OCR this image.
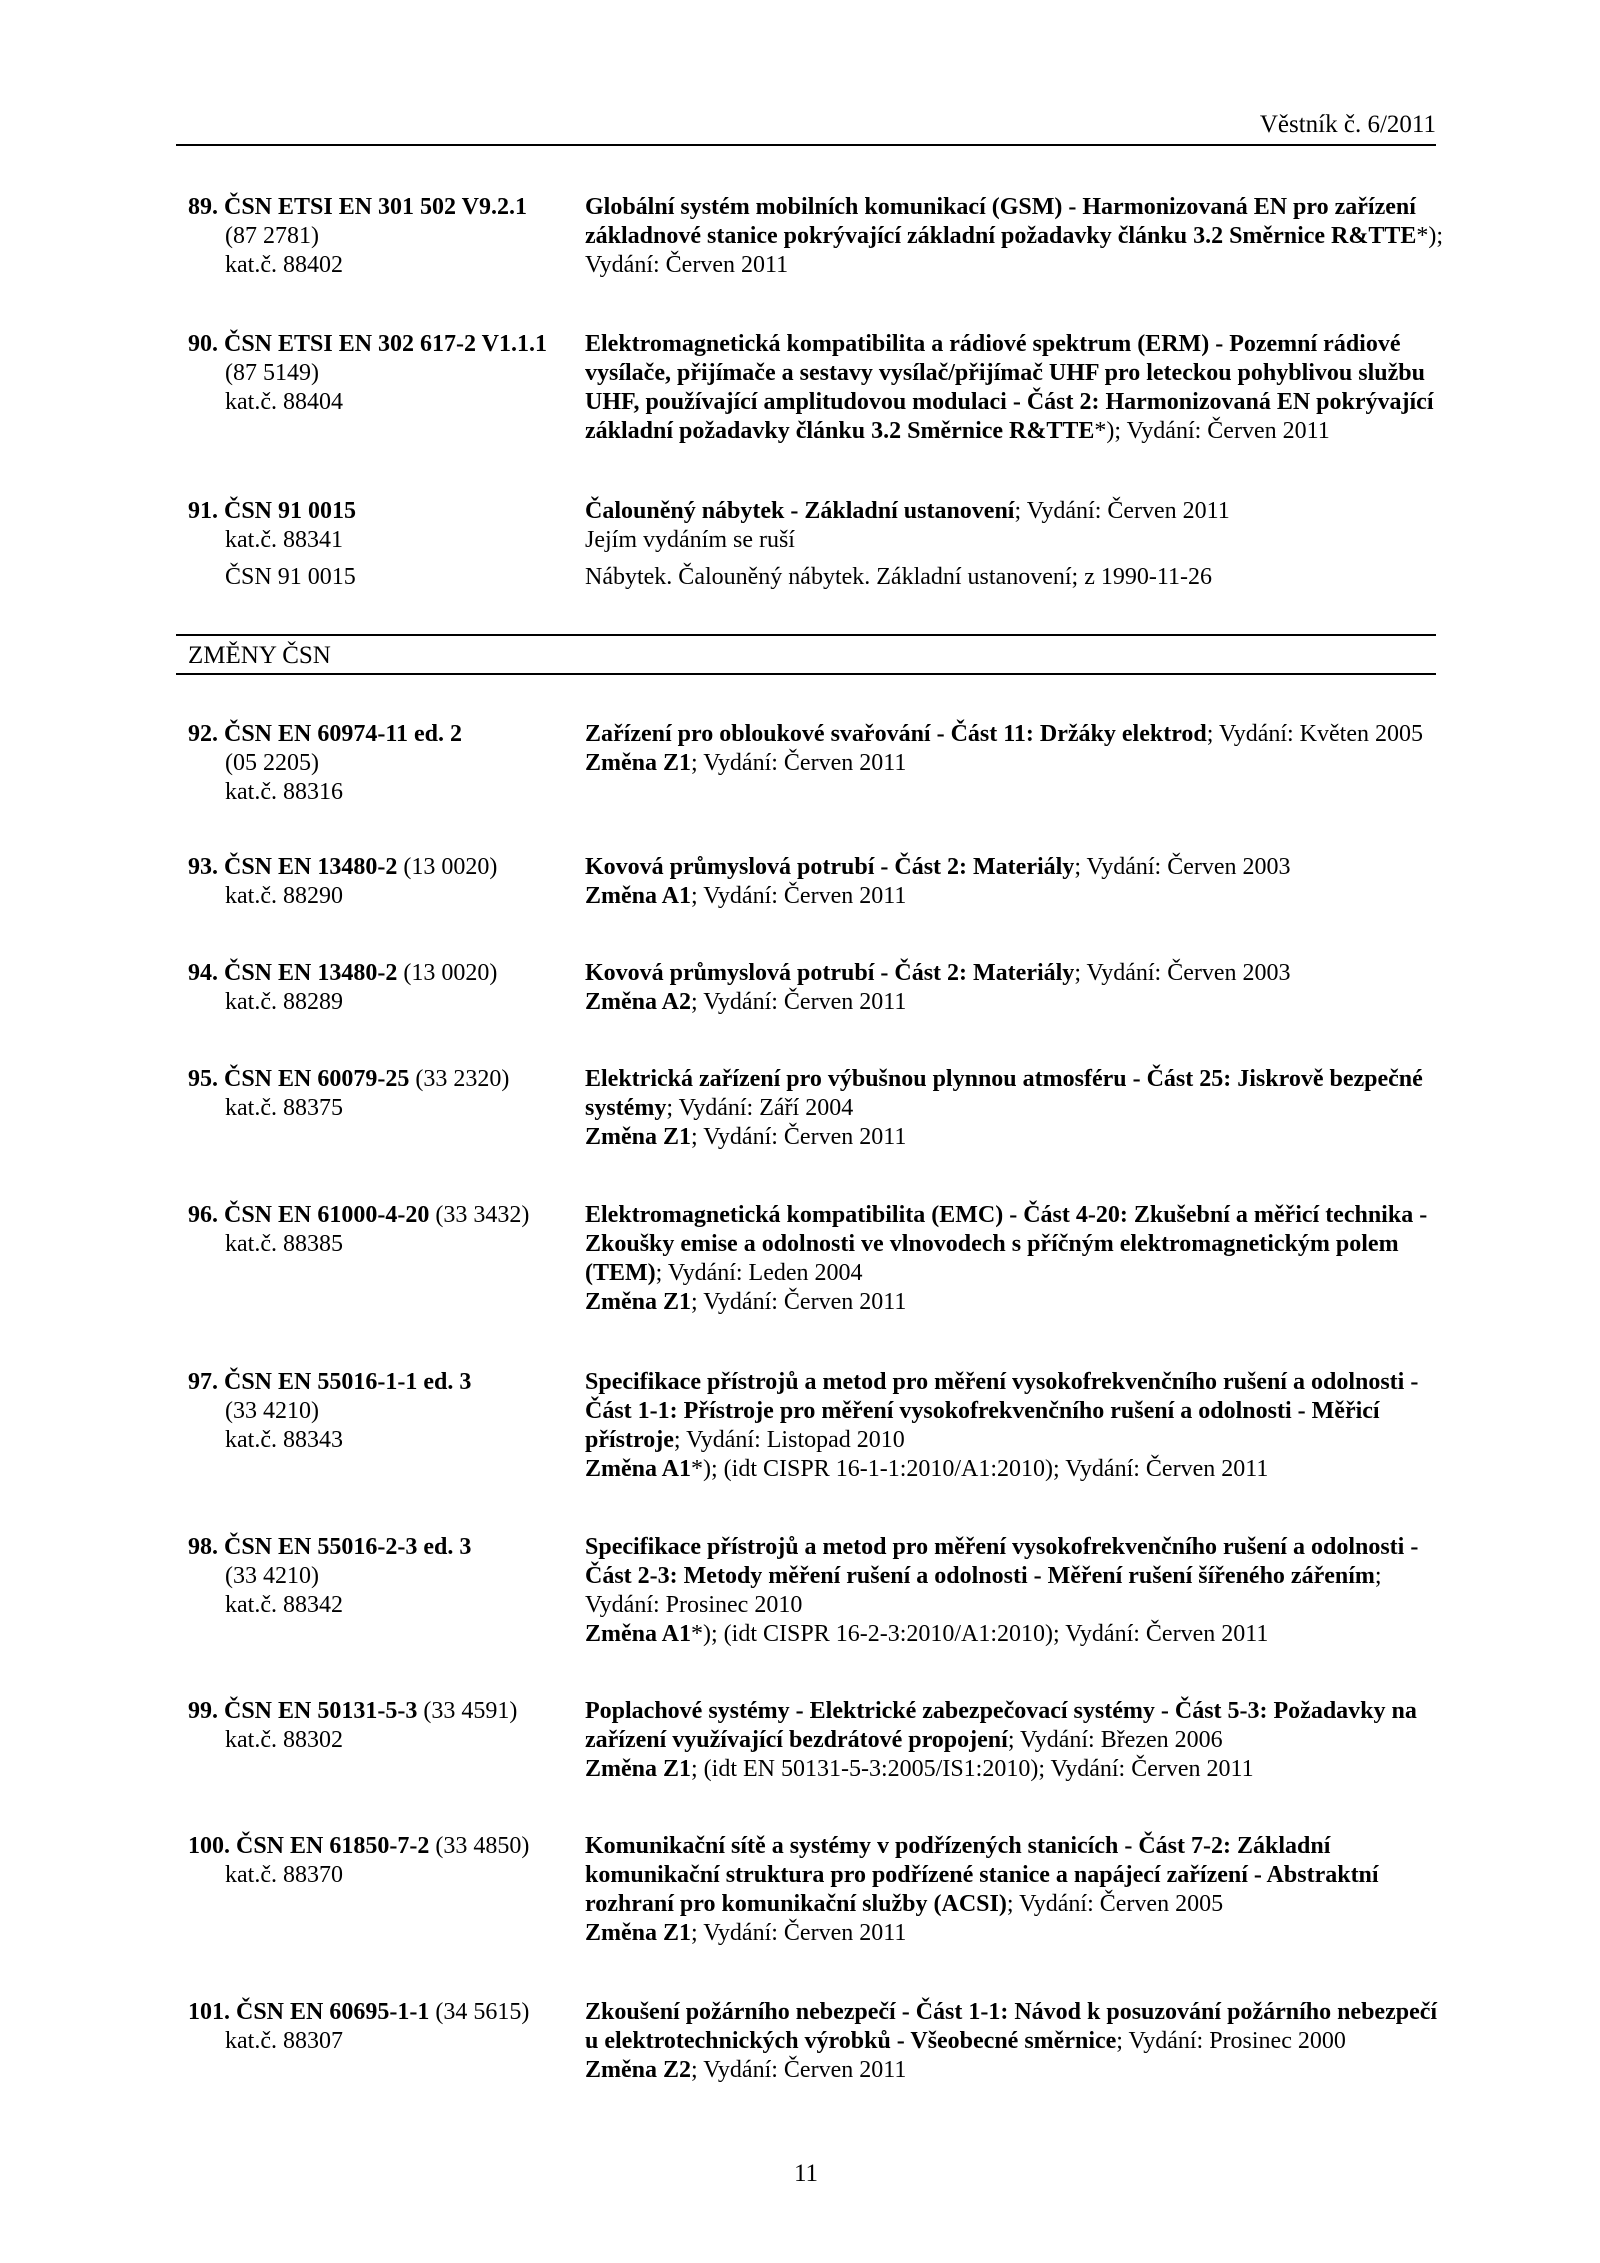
Věstník č. 6/2011
89. ČSN ETSI EN 301 502 V9.2.1
(87 2781)
kat.č. 88402
Globální systém mobilních komunikací (GSM) - Harmonizovaná EN pro zařízení základnové stanice pokrývající základní požadavky článku 3.2 Směrnice R&TTE*); Vydání: Červen 2011
90. ČSN ETSI EN 302 617-2 V1.1.1
(87 5149)
kat.č. 88404
Elektromagnetická kompatibilita a rádiové spektrum (ERM) - Pozemní rádiové vysílače, přijímače a sestavy vysílač/přijímač UHF pro leteckou pohyblivou službu UHF, používající amplitudovou modulaci - Část 2: Harmonizovaná EN pokrývající základní požadavky článku 3.2 Směrnice R&TTE*); Vydání: Červen 2011
91. ČSN 91 0015
kat.č. 88341
ČSN 91 0015
Čalouněný nábytek - Základní ustanovení; Vydání: Červen 2011
Jejím vydáním se ruší
Nábytek. Čalouněný nábytek. Základní ustanovení; z 1990-11-26
ZMĚNY ČSN
92. ČSN EN 60974-11 ed. 2
(05 2205)
kat.č. 88316
Zařízení pro obloukové svařování - Část 11: Držáky elektrod; Vydání: Květen 2005
Změna Z1; Vydání: Červen 2011
93. ČSN EN 13480-2 (13 0020)
kat.č. 88290
Kovová průmyslová potrubí - Část 2: Materiály; Vydání: Červen 2003
Změna A1; Vydání: Červen 2011
94. ČSN EN 13480-2 (13 0020)
kat.č. 88289
Kovová průmyslová potrubí - Část 2: Materiály; Vydání: Červen 2003
Změna A2; Vydání: Červen 2011
95. ČSN EN 60079-25 (33 2320)
kat.č. 88375
Elektrická zařízení pro výbušnou plynnou atmosféru - Část 25: Jiskrově bezpečné systémy; Vydání: Září 2004
Změna Z1; Vydání: Červen 2011
96. ČSN EN 61000-4-20 (33 3432)
kat.č. 88385
Elektromagnetická kompatibilita (EMC) - Část 4-20: Zkušební a měřicí technika - Zkoušky emise a odolnosti ve vlnovodech s příčným elektromagnetickým polem (TEM); Vydání: Leden 2004
Změna Z1; Vydání: Červen 2011
97. ČSN EN 55016-1-1 ed. 3
(33 4210)
kat.č. 88343
Specifikace přístrojů a metod pro měření vysokofrekvenčního rušení a odolnosti - Část 1-1: Přístroje pro měření vysokofrekvenčního rušení a odolnosti - Měřicí přístroje; Vydání: Listopad 2010
Změna A1*); (idt CISPR 16-1-1:2010/A1:2010); Vydání: Červen 2011
98. ČSN EN 55016-2-3 ed. 3
(33 4210)
kat.č. 88342
Specifikace přístrojů a metod pro měření vysokofrekvenčního rušení a odolnosti - Část 2-3: Metody měření rušení a odolnosti - Měření rušení šířeného zářením; Vydání: Prosinec 2010
Změna A1*); (idt CISPR 16-2-3:2010/A1:2010); Vydání: Červen 2011
99. ČSN EN 50131-5-3 (33 4591)
kat.č. 88302
Poplachové systémy - Elektrické zabezpečovací systémy - Část 5-3: Požadavky na zařízení využívající bezdrátové propojení; Vydání: Březen 2006
Změna Z1; (idt EN 50131-5-3:2005/IS1:2010); Vydání: Červen 2011
100. ČSN EN 61850-7-2 (33 4850)
kat.č. 88370
Komunikační sítě a systémy v podřízených stanicích - Část 7-2: Základní komunikační struktura pro podřízené stanice a napájecí zařízení - Abstraktní rozhraní pro komunikační služby (ACSI); Vydání: Červen 2005
Změna Z1; Vydání: Červen 2011
101. ČSN EN 60695-1-1 (34 5615)
kat.č. 88307
Zkoušení požárního nebezpečí - Část 1-1: Návod k posuzování požárního nebezpečí u elektrotechnických výrobků - Všeobecné směrnice; Vydání: Prosinec 2000
Změna Z2; Vydání: Červen 2011
11
